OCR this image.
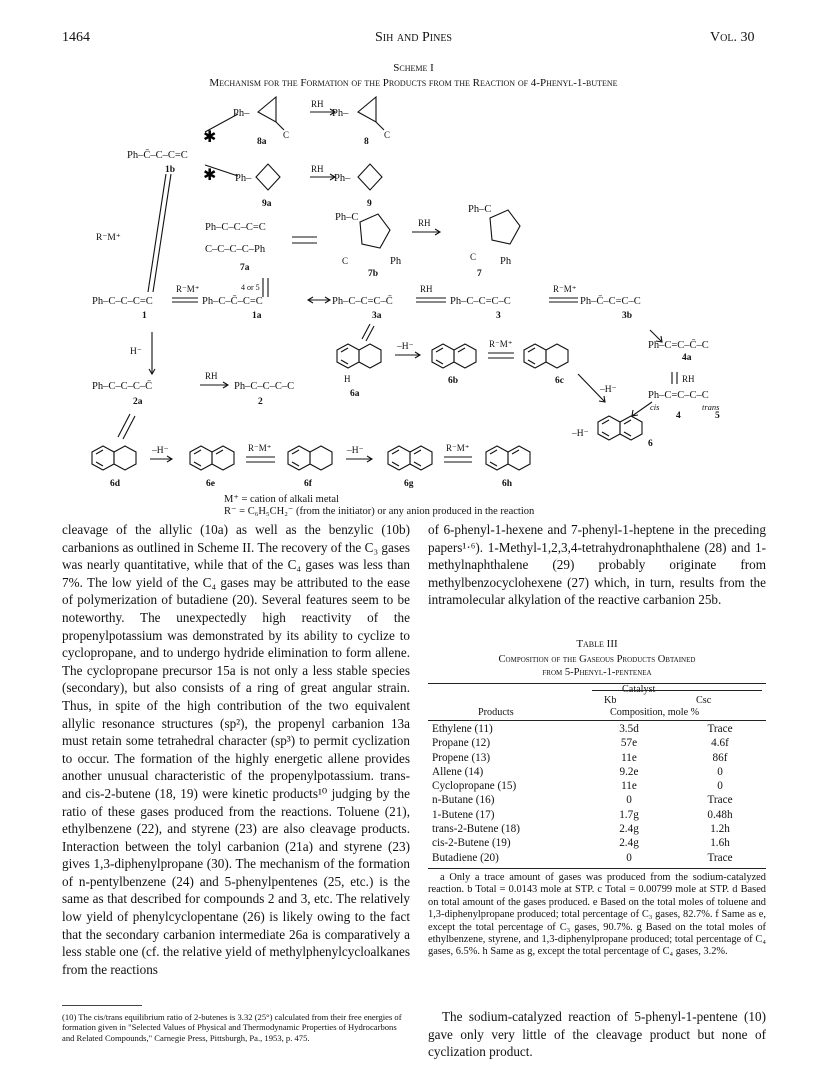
1464	Sih and Pines	Vol. 30
Scheme I
Mechanism for the Formation of the Products from the Reaction of 4-Phenyl-1-butene
✱
✱
Ph–
C
Ph–
C
RH
Ph–C̄–C–C=C
Ph–	Ph–
RH
R⁻M⁺
Ph–C–C–C=C
C–C–C–C–Ph
Ph–C
Ph
C
RH
Ph–C
Ph
C
4 or 5
R⁻M⁺
Ph–C–C–C=C	Ph–C–C̄–C=C	Ph–C–C=C–C̄
RH
Ph–C–C=C–C
R⁻M⁺
Ph–C̄–C=C–C
Ph–C=C–C̄–C
RH
Ph–C=C–C–C
H⁻
Ph–C–C–C–C̄
RH
Ph–C–C–C–C
–H⁻	R⁻M⁺
–H⁻
–H⁻
H
–H⁻	R⁻M⁺	–H⁻	R⁻M⁺
8a	8
1b
9a	9
7a
7b	7
1	1a	3a	3	3b
4a
4	5
2a	2
6a
6b	6c
6
6d	6e	6f	6g	6h
cis	trans
M⁺ = cation of alkali metal
R⁻ = C₆H₅CH₂⁻ (from the initiator) or any anion produced in the reaction

cleavage of the allylic (10a) as well as the benzylic (10b) carbanions as outlined in Scheme II. The recovery of the C₃ gases was nearly quantitative, while that of the C₄ gases was less than 7%. The low yield of the C₄ gases may be attributed to the ease of polymerization of butadiene (20). Several features seem to be noteworthy. The unexpectedly high reactivity of the propenylpotassium was demonstrated by its ability to cyclize to cyclopropane, and to undergo hydride elimination to form allene. The cyclopropane precursor 15a is not only a less stable species (secondary), but also consists of a ring of great angular strain. Thus, in spite of the high contribution of the two equivalent allylic resonance structures (sp²), the propenyl carbanion 13a must retain some tetrahedral character (sp³) to permit cyclization to occur. The formation of the highly energetic allene provides another unusual characteristic of the propenylpotassium. trans- and cis-2-butene (18, 19) were kinetic products¹⁰ judging by the ratio of these gases produced from the reactions. Toluene (21), ethylbenzene (22), and styrene (23) are also cleavage products. Interaction between the tolyl carbanion (21a) and styrene (23) gives 1,3-diphenylpropane (30). The mechanism of the formation of n-pentylbenzene (24) and 5-phenylpentenes (25, etc.) is the same as that described for compounds 2 and 3, etc. The relatively low yield of phenylcyclopentane (26) is likely owing to the fact that the secondary carbanion intermediate 26a is comparatively a less stable one (cf. the relative yield of methylphenylcycloalkanes from the reactions

(10) The cis/trans equilibrium ratio of 2-butenes is 3.32 (25°) calculated from their free energies of formation given in "Selected Values of Physical and Thermodynamic Properties of Hydrocarbons and Related Compounds," Carnegie Press, Pittsburgh, Pa., 1953, p. 475.

of 6-phenyl-1-hexene and 7-phenyl-1-heptene in the preceding papers¹·⁶). 1-Methyl-1,2,3,4-tetrahydronaphthalene (28) and 1-methylnaphthalene (29) probably originate from methylbenzocyclohexene (27) which, in turn, results from the intramolecular alkylation of the reactive carbanion 25b.

Table III
Composition of the Gaseous Products Obtained
from 5-Phenyl-1-pentenea
Catalyst
Kb	Csc
Products	Composition, mole %
Ethylene (11)	3.5d	Trace
Propane (12)	57e	4.6f
Propene (13)	11e	86f
Allene (14)	9.2e	0
Cyclopropane (15)	11e	0
n-Butane (16)	0	Trace
1-Butene (17)	1.7g	0.48h
trans-2-Butene (18)	2.4g	1.2h
cis-2-Butene (19)	2.4g	1.6h
Butadiene (20)	0	Trace

a Only a trace amount of gases was produced from the sodium-catalyzed reaction. b Total = 0.0143 mole at STP. c Total = 0.00799 mole at STP. d Based on total amount of the gases produced. e Based on the total moles of toluene and 1,3-diphenylpropane produced; total percentage of C₃ gases, 82.7%. f Same as e, except the total percentage of C₃ gases, 90.7%. g Based on the total moles of ethylbenzene, styrene, and 1,3-diphenylpropane produced; total percentage of C₄ gases, 6.5%. h Same as g, except the total percentage of C₄ gases, 3.2%.

The sodium-catalyzed reaction of 5-phenyl-1-pentene (10) gave only very little of the cleavage product but none of cyclization product.
